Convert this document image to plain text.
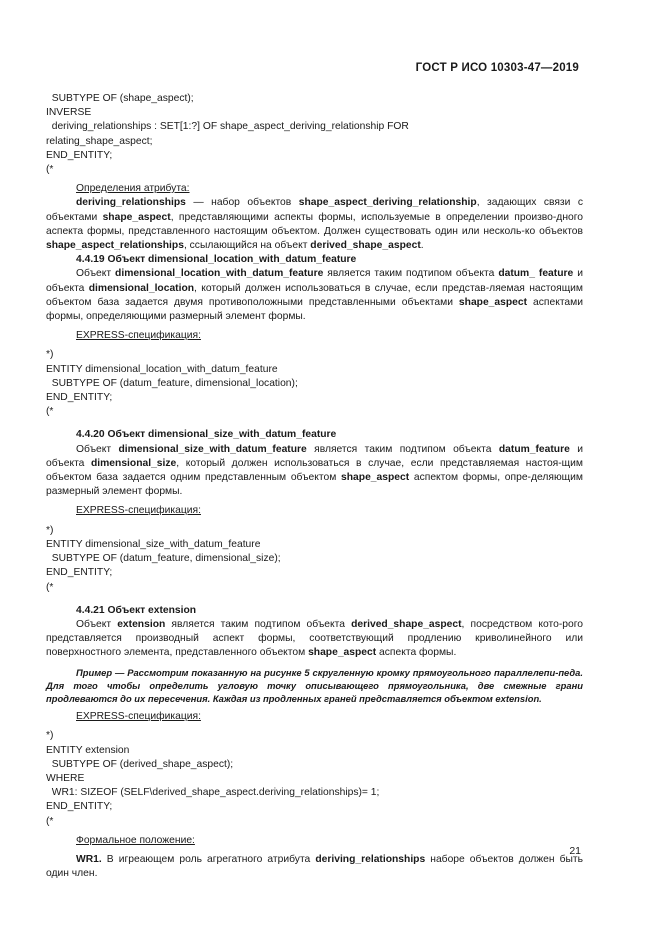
ГОСТ Р ИСО 10303-47—2019
SUBTYPE OF (shape_aspect);
INVERSE
deriving_relationships : SET[1:?] OF shape_aspect_deriving_relationship FOR
relating_shape_aspect;
END_ENTITY;
(*
Определения атрибута:

deriving_relationships — набор объектов shape_aspect_deriving_relationship, задающих связи с объектами shape_aspect, представляющими аспекты формы, используемые в определении произво-дного аспекта формы, представленного настоящим объектом. Должен существовать один или несколь-ко объектов shape_aspect_relationships, ссылающийся на объект derived_shape_aspect.

4.4.19 Объект dimensional_location_with_datum_feature

Объект dimensional_location_with_datum_feature является таким подтипом объекта datum_ feature и объекта dimensional_location, который должен использоваться в случае, если представ-ляемая настоящим объектом база задается двумя противоположными представленными объектами shape_aspect аспектами формы, определяющими размерный элемент формы.

EXPRESS-спецификация:
*)
ENTITY dimensional_location_with_datum_feature
SUBTYPE OF (datum_feature, dimensional_location);
END_ENTITY;
(*
4.4.20 Объект dimensional_size_with_datum_feature

Объект dimensional_size_with_datum_feature является таким подтипом объекта datum_feature и объекта dimensional_size, который должен использоваться в случае, если представляемая настоя-щим объектом база задается одним представленным объектом shape_aspect аспектом формы, опре-деляющим размерный элемент формы.

EXPRESS-спецификация:
*)
ENTITY dimensional_size_with_datum_feature
SUBTYPE OF (datum_feature, dimensional_size);
END_ENTITY;
(*
4.4.21 Объект extension

Объект extension является таким подтипом объекта derived_shape_aspect, посредством кото-рого представляется производный аспект формы, соответствующий продлению криволинейного или поверхностного элемента, представленного объектом shape_aspect аспекта формы.

Пример — Рассмотрим показанную на рисунке 5 скругленную кромку прямоугольного параллелепи-педа. Для того чтобы определить угловую точку описывающего прямоугольника, две смежные грани продлеваются до их пересечения. Каждая из продленных граней представляется объектом extension.

EXPRESS-спецификация:
*)
ENTITY extension
SUBTYPE OF (derived_shape_aspect);
WHERE
WR1: SIZEOF (SELF\derived_shape_aspect.deriving_relationships)= 1;
END_ENTITY;
(*
Формальное положение:

WR1. В игреающем роль агрегатного атрибута deriving_relationships наборе объектов должен быть один член.

21
